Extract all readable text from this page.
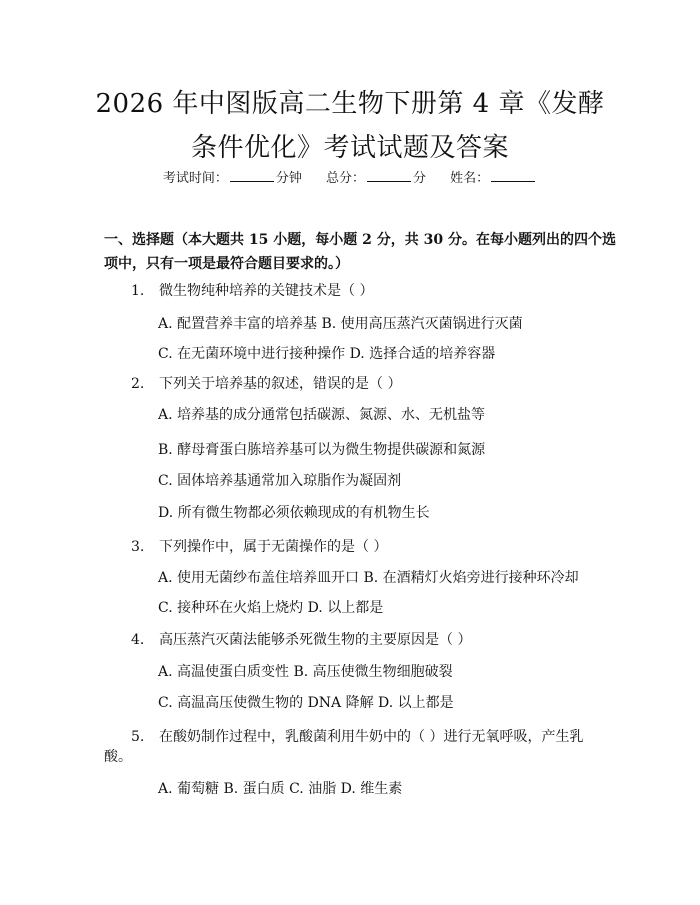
2026 年中图版高二生物下册第 4 章《发酵条件优化》考试试题及答案
考试时间：	分钟 总分：	分 姓名：
一、选择题（本大题共 15 小题，每小题 2 分，共 30 分。在每小题列出的四个选项中，只有一项是最符合题目要求的。）
1. 微生物纯种培养的关键技术是（ ）
A. 配置营养丰富的培养基 B. 使用高压蒸汽灭菌锅进行灭菌
C. 在无菌环境中进行接种操作 D. 选择合适的培养容器
2. 下列关于培养基的叙述，错误的是（ ）
A. 培养基的成分通常包括碳源、氮源、水、无机盐等
B. 酵母膏蛋白胨培养基可以为微生物提供碳源和氮源
C. 固体培养基通常加入琼脂作为凝固剂
D. 所有微生物都必须依赖现成的有机物生长
3. 下列操作中，属于无菌操作的是（ ）
A. 使用无菌纱布盖住培养皿开口 B. 在酒精灯火焰旁进行接种环冷却
C. 接种环在火焰上烧灼 D. 以上都是
4. 高压蒸汽灭菌法能够杀死微生物的主要原因是（ ）
A. 高温使蛋白质变性 B. 高压使微生物细胞破裂
C. 高温高压使微生物的 DNA 降解 D. 以上都是
5. 在酸奶制作过程中，乳酸菌利用牛奶中的（ ）进行无氧呼吸，产生乳
酸。
A. 葡萄糖 B. 蛋白质 C. 油脂 D. 维生素
